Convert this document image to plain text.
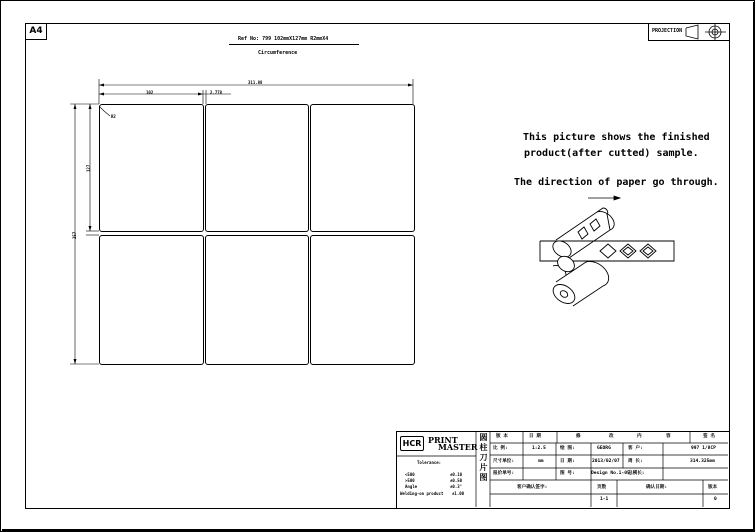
A4	PROJECTION
Ref No: 799 102mmX127mm R2mmX4
Circumference
311.88
102	2.778
R2
127
257
This picture shows the finished
product(after cutted) sample.
The direction of paper go through.
HCR PRINT
MASTER
圆
柱
刀
片
图
Tolerance:
<500	±0.10
>500	±0.50
Angle	±0.3°
Welding-on product ±1.00
版 本	日 期	修	改	内	容	签 名
比 例:	1:2.5	绘 图:	GEORG	客 户:	997 1/8CP
尺寸单位:	mm	日 期:	2013/02/07 周 长:	314.325mm
报价单号:	图 号:	Design No.1-05
总模长:
客户确认签字:	页数	确认日期:	版本
1-1	0
